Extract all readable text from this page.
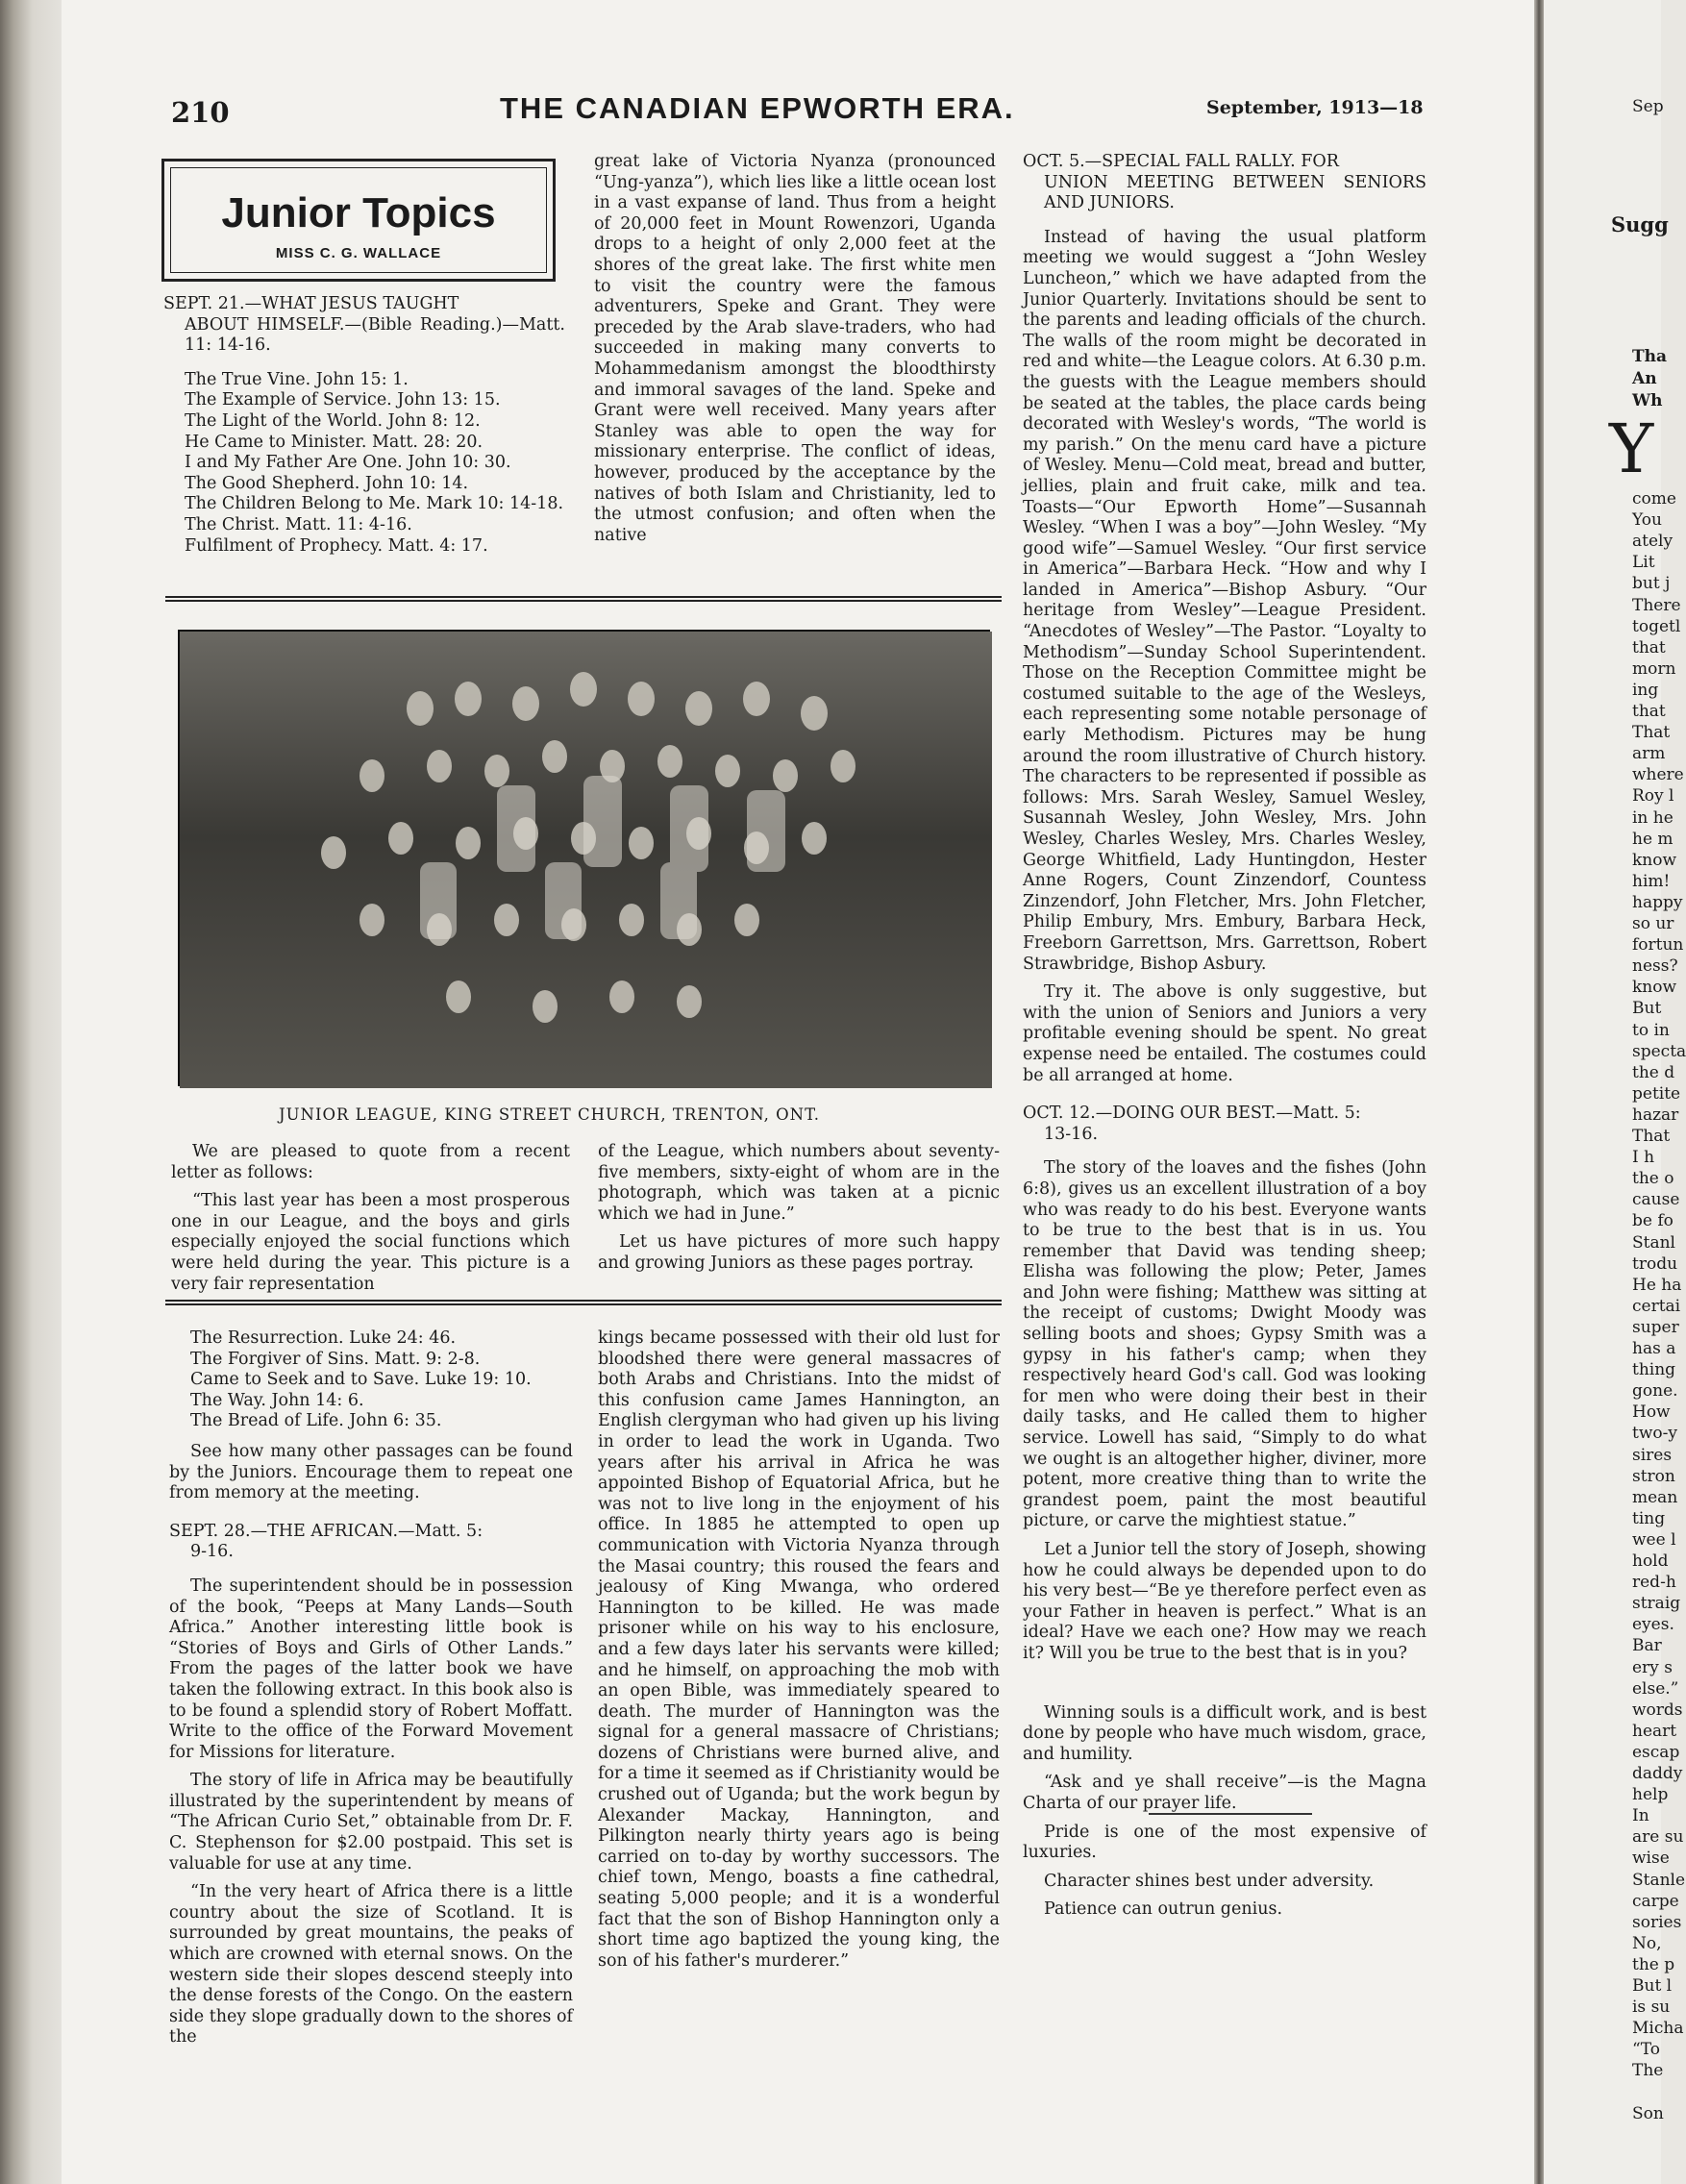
210	THE CANADIAN EPWORTH ERA.	September, 1913—18
Junior Topics
MISS C. G. WALLACE

SEPT. 21.—WHAT JESUS TAUGHT
ABOUT HIMSELF.—(Bible Reading.)—Matt. 11: 14-16.

The True Vine. John 15: 1.
The Example of Service. John 13: 15.
The Light of the World. John 8: 12.
He Came to Minister. Matt. 28: 20.
I and My Father Are One. John 10: 30.
The Good Shepherd. John 10: 14.
The Children Belong to Me. Mark 10: 14-18.
The Christ. Matt. 11: 4-16.
Fulfilment of Prophecy. Matt. 4: 17.

great lake of Victoria Nyanza (pronounced “Ung-yanza”), which lies like a little ocean lost in a vast expanse of land. Thus from a height of 20,000 feet in Mount Rowenzori, Uganda drops to a height of only 2,000 feet at the shores of the great lake. The first white men to visit the country were the famous adventurers, Speke and Grant. They were preceded by the Arab slave-traders, who had succeeded in making many converts to Mohammedanism amongst the bloodthirsty and immoral savages of the land. Speke and Grant were well received. Many years after Stanley was able to open the way for missionary enterprise. The conflict of ideas, however, produced by the acceptance by the natives of both Islam and Christianity, led to the utmost confusion; and often when the native

JUNIOR LEAGUE, KING STREET CHURCH, TRENTON, ONT.

We are pleased to quote from a recent letter as follows:

“This last year has been a most prosperous one in our League, and the boys and girls especially enjoyed the social functions which were held during the year. This picture is a very fair representation

of the League, which numbers about seventy-five members, sixty-eight of whom are in the photograph, which was taken at a picnic which we had in June.”

Let us have pictures of more such happy and growing Juniors as these pages portray.

The Resurrection. Luke 24: 46.
The Forgiver of Sins. Matt. 9: 2-8.
Came to Seek and to Save. Luke 19: 10.
The Way. John 14: 6.
The Bread of Life. John 6: 35.

See how many other passages can be found by the Juniors. Encourage them to repeat one from memory at the meeting.

SEPT. 28.—THE AFRICAN.—Matt. 5:
9-16.

The superintendent should be in possession of the book, “Peeps at Many Lands—South Africa.” Another interesting little book is “Stories of Boys and Girls of Other Lands.” From the pages of the latter book we have taken the following extract. In this book also is to be found a splendid story of Robert Moffatt. Write to the office of the Forward Movement for Missions for literature.

The story of life in Africa may be beautifully illustrated by the superintendent by means of “The African Curio Set,” obtainable from Dr. F. C. Stephenson for $2.00 postpaid. This set is valuable for use at any time.

“In the very heart of Africa there is a little country about the size of Scotland. It is surrounded by great mountains, the peaks of which are crowned with eternal snows. On the western side their slopes descend steeply into the dense forests of the Congo. On the eastern side they slope gradually down to the shores of the

kings became possessed with their old lust for bloodshed there were general massacres of both Arabs and Christians. Into the midst of this confusion came James Hannington, an English clergyman who had given up his living in order to lead the work in Uganda. Two years after his arrival in Africa he was appointed Bishop of Equatorial Africa, but he was not to live long in the enjoyment of his office. In 1885 he attempted to open up communication with Victoria Nyanza through the Masai country; this roused the fears and jealousy of King Mwanga, who ordered Hannington to be killed. He was made prisoner while on his way to his enclosure, and a few days later his servants were killed; and he himself, on approaching the mob with an open Bible, was immediately speared to death. The murder of Hannington was the signal for a general massacre of Christians; dozens of Christians were burned alive, and for a time it seemed as if Christianity would be crushed out of Uganda; but the work begun by Alexander Mackay, Hannington, and Pilkington nearly thirty years ago is being carried on to-day by worthy successors. The chief town, Mengo, boasts a fine cathedral, seating 5,000 people; and it is a wonderful fact that the son of Bishop Hannington only a short time ago baptized the young king, the son of his father's murderer.”

OCT. 5.—SPECIAL FALL RALLY. FOR
UNION MEETING BETWEEN SENIORS AND JUNIORS.

Instead of having the usual platform meeting we would suggest a “John Wesley Luncheon,” which we have adapted from the Junior Quarterly. Invitations should be sent to the parents and leading officials of the church. The walls of the room might be decorated in red and white—the League colors. At 6.30 p.m. the guests with the League members should be seated at the tables, the place cards being decorated with Wesley's words, “The world is my parish.” On the menu card have a picture of Wesley. Menu—Cold meat, bread and butter, jellies, plain and fruit cake, milk and tea. Toasts—“Our Epworth Home”—Susannah Wesley. “When I was a boy”—John Wesley. “My good wife”—Samuel Wesley. “Our first service in America”—Barbara Heck. “How and why I landed in America”—Bishop Asbury. “Our heritage from Wesley”—League President. “Anecdotes of Wesley”—The Pastor. “Loyalty to Methodism”—Sunday School Superintendent. Those on the Reception Committee might be costumed suitable to the age of the Wesleys, each representing some notable personage of early Methodism. Pictures may be hung around the room illustrative of Church history. The characters to be represented if possible as follows: Mrs. Sarah Wesley, Samuel Wesley, Susannah Wesley, John Wesley, Mrs. John Wesley, Charles Wesley, Mrs. Charles Wesley, George Whitfield, Lady Huntingdon, Hester Anne Rogers, Count Zinzendorf, Countess Zinzendorf, John Fletcher, Mrs. John Fletcher, Philip Embury, Mrs. Embury, Barbara Heck, Freeborn Garrettson, Mrs. Garrettson, Robert Strawbridge, Bishop Asbury.

Try it. The above is only suggestive, but with the union of Seniors and Juniors a very profitable evening should be spent. No great expense need be entailed. The costumes could be all arranged at home.

OCT. 12.—DOING OUR BEST.—Matt. 5:
13-16.

The story of the loaves and the fishes (John 6:8), gives us an excellent illustration of a boy who was ready to do his best. Everyone wants to be true to the best that is in us. You remember that David was tending sheep; Elisha was following the plow; Peter, James and John were fishing; Matthew was sitting at the receipt of customs; Dwight Moody was selling boots and shoes; Gypsy Smith was a gypsy in his father's camp; when they respectively heard God's call. God was looking for men who were doing their best in their daily tasks, and He called them to higher service. Lowell has said, “Simply to do what we ought is an altogether higher, diviner, more potent, more creative thing than to write the grandest poem, paint the most beautiful picture, or carve the mightiest statue.”

Let a Junior tell the story of Joseph, showing how he could always be depended upon to do his very best—“Be ye therefore perfect even as your Father in heaven is perfect.” What is an ideal? Have we each one? How may we reach it? Will you be true to the best that is in you?

Winning souls is a difficult work, and is best done by people who have much wisdom, grace, and humility.

“Ask and ye shall receive”—is the Magna Charta of our prayer life.

Pride is one of the most expensive of luxuries.

Character shines best under adversity.

Patience can outrun genius.

Sep
Sugg
Tha
An
Wh
Y
come
You
ately
Lit
but j
There
togetl
that
morn
ing
that
That
arm
where
Roy l
in he
he m
know
him!
happy
so ur
fortun
ness?
know
But
to in
specta
the d
petite
hazar
That
I h
the o
cause
be fo
Stanl
trodu
He ha
certai
super
has a
thing
gone.
How
two-y
sires
stron
mean
ting
wee l
hold
red-h
straig
eyes.
Bar
ery s
else.”
words
heart
escap
daddy
help
In
are su
wise
Stanle
carpe
sories
No,
the p
But l
is su
Micha
“To
The
Son
